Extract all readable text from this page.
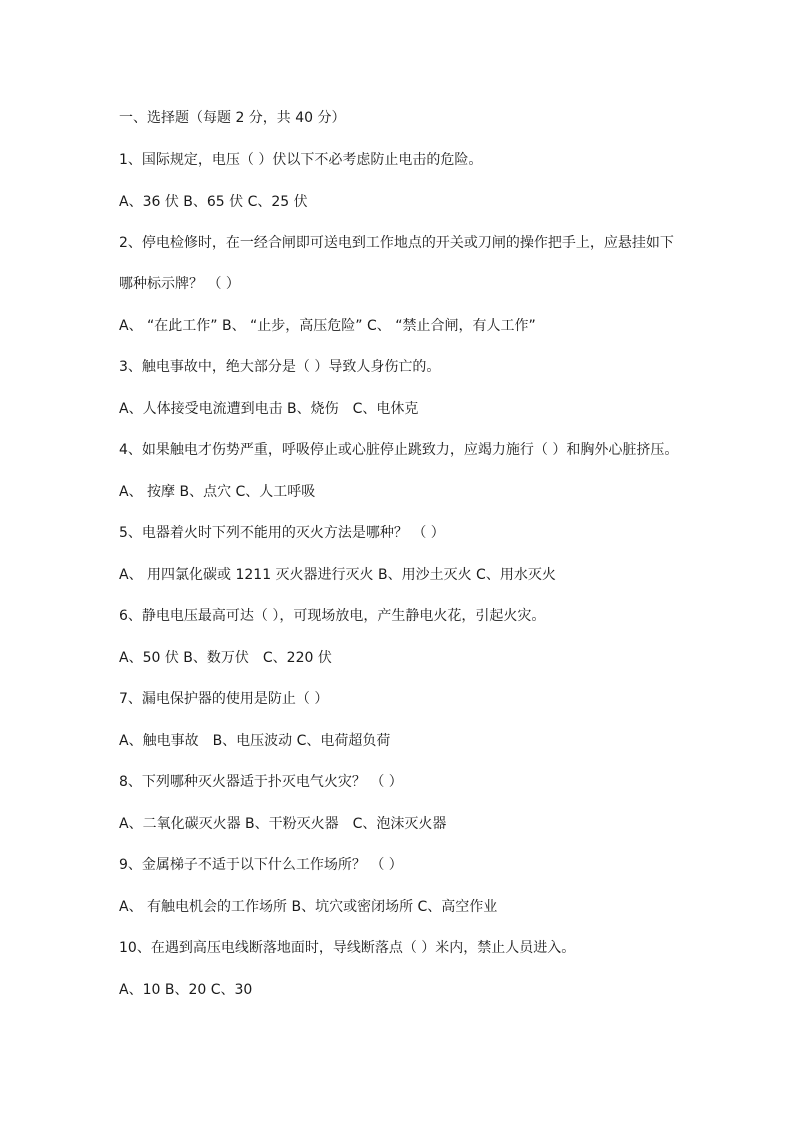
一、选择题（每题 2 分，共 40 分）
1、国际规定，电压（ ）伏以下不必考虑防止电击的危险。
A、36 伏 B、65 伏 C、25 伏
2、停电检修时，在一经合闸即可送电到工作地点的开关或刀闸的操作把手上，应悬挂如下
哪种标示牌？ （ ）
A、 “在此工作” B、 “止步，高压危险” C、 “禁止合闸，有人工作”
3、触电事故中，绝大部分是（ ）导致人身伤亡的。
A、人体接受电流遭到电击 B、烧伤　C、电休克
4、如果触电才伤势严重，呼吸停止或心脏停止跳致力，应竭力施行（ ）和胸外心脏挤压。
A、 按摩 B、点穴 C、人工呼吸
5、电器着火时下列不能用的灭火方法是哪种？ （ ）
A、 用四氯化碳或 1211 灭火器进行灭火 B、用沙土灭火 C、用水灭火
6、静电电压最高可达（ ），可现场放电，产生静电火花，引起火灾。
A、50 伏 B、数万伏　C、220 伏
7、漏电保护器的使用是防止（ ）
A、触电事故　B、电压波动 C、电荷超负荷
8、下列哪种灭火器适于扑灭电气火灾？ （ ）
A、二氧化碳灭火器 B、干粉灭火器　C、泡沫灭火器
9、金属梯子不适于以下什么工作场所？ （ ）
A、 有触电机会的工作场所 B、坑穴或密闭场所 C、高空作业
10、在遇到高压电线断落地面时，导线断落点（ ）米内，禁止人员进入。
A、10 B、20 C、30
